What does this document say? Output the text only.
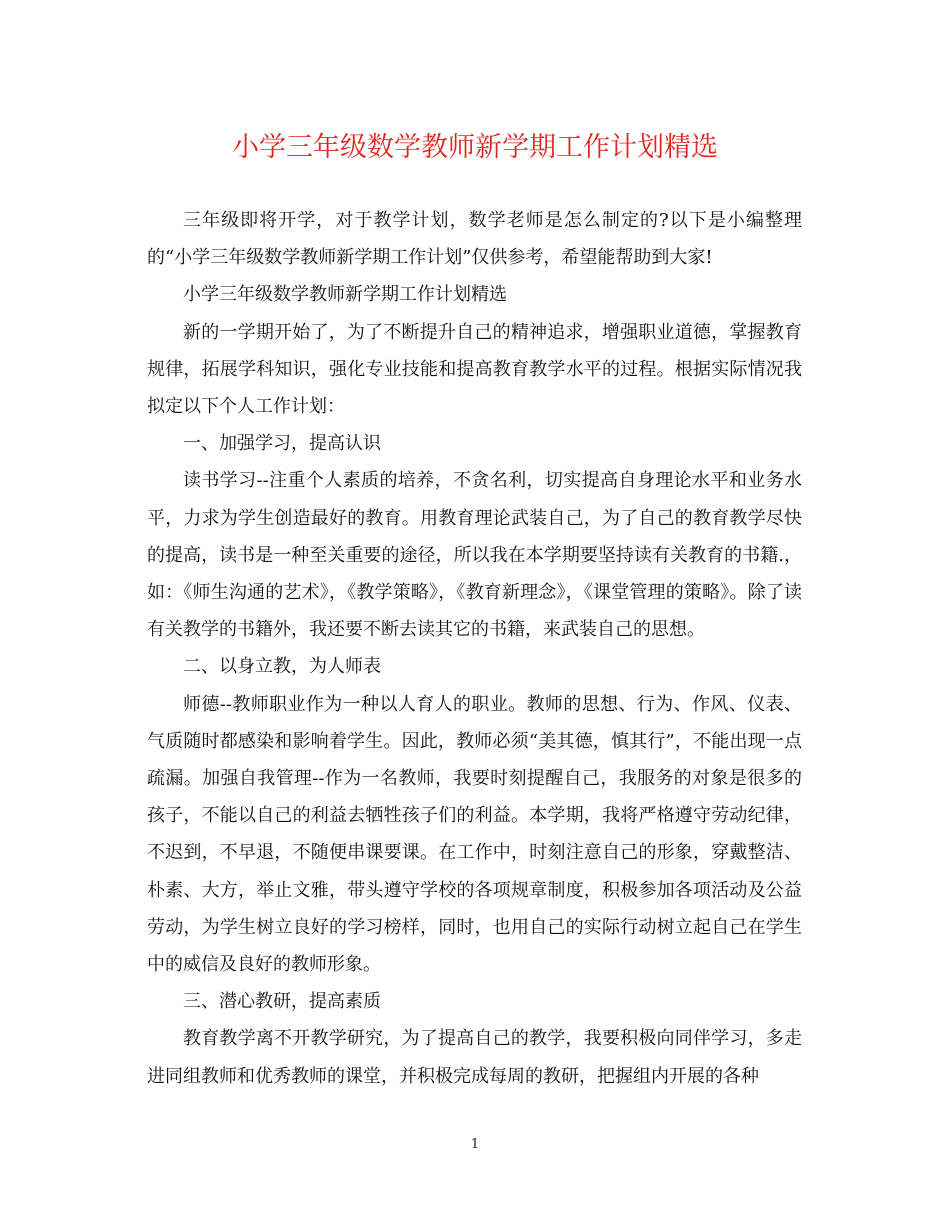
小学三年级数学教师新学期工作计划精选

三年级即将开学，对于教学计划，数学老师是怎么制定的?以下是小编整理的“小学三年级数学教师新学期工作计划”仅供参考，希望能帮助到大家!

小学三年级数学教师新学期工作计划精选

新的一学期开始了，为了不断提升自己的精神追求，增强职业道德，掌握教育规律，拓展学科知识，强化专业技能和提高教育教学水平的过程。根据实际情况我拟定以下个人工作计划：

一、加强学习，提高认识

读书学习--注重个人素质的培养，不贪名利，切实提高自身理论水平和业务水平，力求为学生创造最好的教育。用教育理论武装自己，为了自己的教育教学尽快的提高，读书是一种至关重要的途径，所以我在本学期要坚持读有关教育的书籍.，如：《师生沟通的艺术》，《教学策略》，《教育新理念》，《课堂管理的策略》。除了读有关教学的书籍外，我还要不断去读其它的书籍，来武装自己的思想。

二、以身立教，为人师表

师德--教师职业作为一种以人育人的职业。教师的思想、行为、作风、仪表、气质随时都感染和影响着学生。因此，教师必须“美其德，慎其行”，不能出现一点疏漏。加强自我管理--作为一名教师，我要时刻提醒自己，我服务的对象是很多的孩子，不能以自己的利益去牺牲孩子们的利益。本学期，我将严格遵守劳动纪律，不迟到，不早退，不随便串课要课。在工作中，时刻注意自己的形象，穿戴整洁、朴素、大方，举止文雅，带头遵守学校的各项规章制度，积极参加各项活动及公益劳动，为学生树立良好的学习榜样，同时，也用自己的实际行动树立起自己在学生中的威信及良好的教师形象。

三、潜心教研，提高素质

教育教学离不开教学研究，为了提高自己的教学，我要积极向同伴学习，多走进同组教师和优秀教师的课堂，并积极完成每周的教研，把握组内开展的各种

1
